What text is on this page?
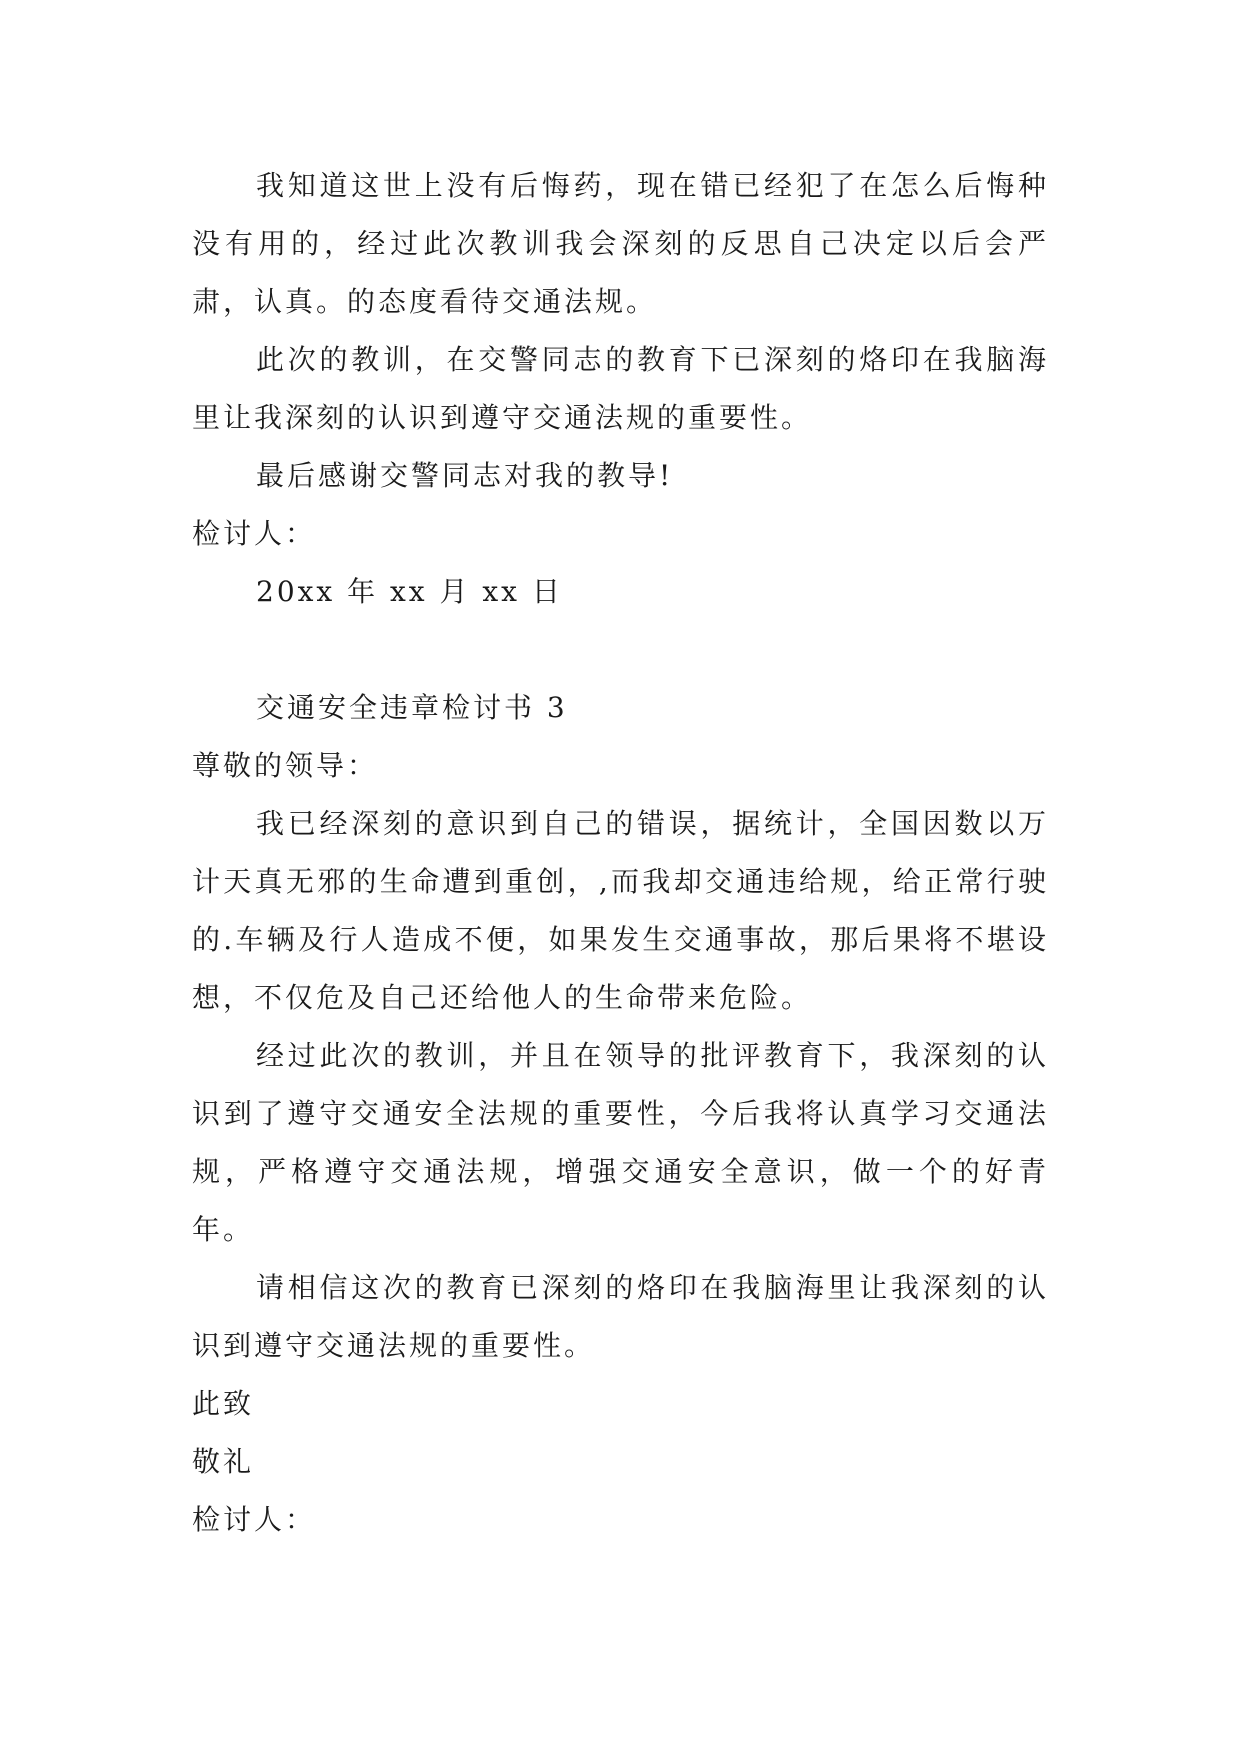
我知道这世上没有后悔药，现在错已经犯了在怎么后悔种没有用的，经过此次教训我会深刻的反思自己决定以后会严肃，认真。的态度看待交通法规。

此次的教训，在交警同志的教育下已深刻的烙印在我脑海里让我深刻的认识到遵守交通法规的重要性。

最后感谢交警同志对我的教导!

检讨人：

20xx 年 xx 月 xx 日

交通安全违章检讨书 3

尊敬的领导：

我已经深刻的意识到自己的错误，据统计，全国因数以万计天真无邪的生命遭到重创，,而我却交通违给规，给正常行驶的.车辆及行人造成不便，如果发生交通事故，那后果将不堪设想，不仅危及自己还给他人的生命带来危险。

经过此次的教训，并且在领导的批评教育下，我深刻的认识到了遵守交通安全法规的重要性，今后我将认真学习交通法规，严格遵守交通法规，增强交通安全意识，做一个的好青年。

请相信这次的教育已深刻的烙印在我脑海里让我深刻的认识到遵守交通法规的重要性。

此致

敬礼

检讨人：
